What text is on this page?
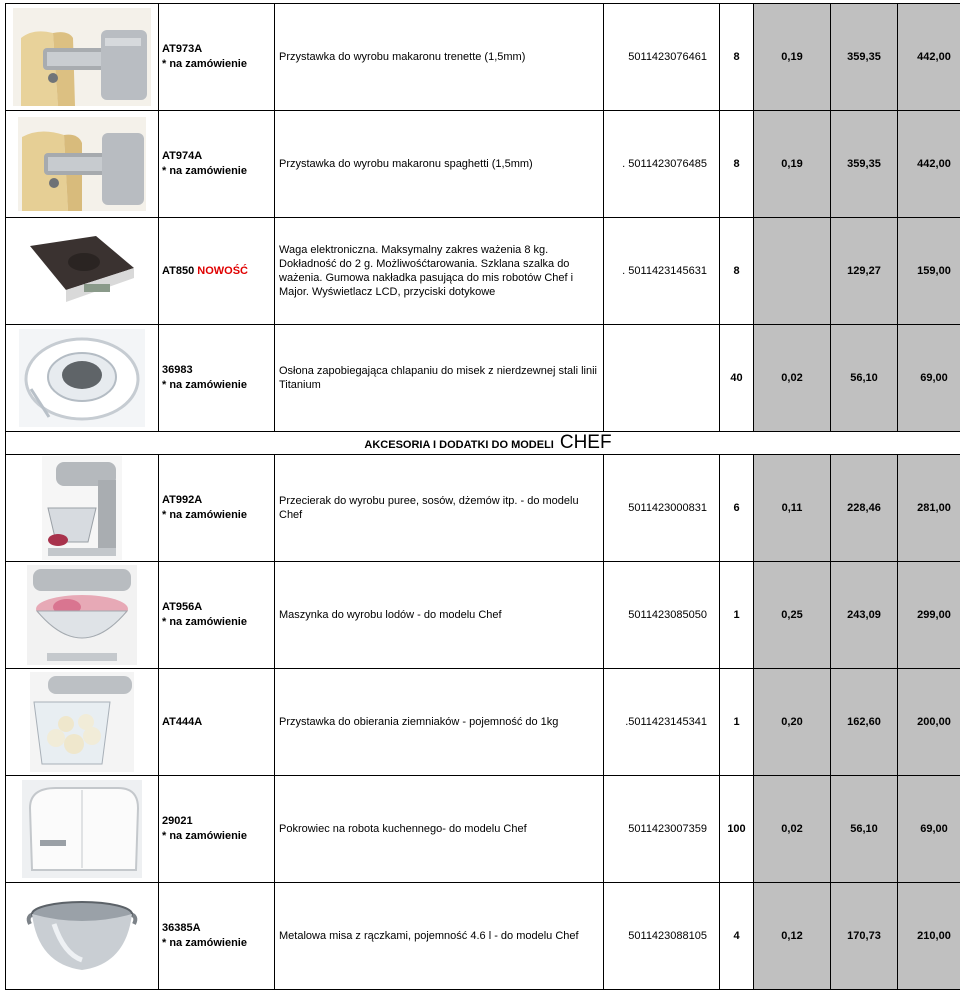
AT973A
* na zamówienie	Przystawka do wyrobu makaronu trenette (1,5mm)	5011423076461	8	0,19	359,35	442,00

AT974A
* na zamówienie	Przystawka do wyrobu makaronu spaghetti (1,5mm)	. 5011423076485	8	0,19	359,35	442,00

	AT850 NOWOŚĆ	Waga elektroniczna. Maksymalny zakres ważenia 8 kg. Dokładność do 2 g. Możliwośćtarowania. Szklana szalka do ważenia. Gumowa nakładka pasująca do mis robotów Chef i Major. Wyświetlacz LCD, przyciski dotykowe	. 5011423145631	8		129,27	159,00

36983
* na zamówienie	Osłona zapobiegająca chlapaniu do misek z nierdzewnej stali linii Titanium		40	0,02	56,10	69,00
AKCESORIA I DODATKI DO MODELI CHEF							

AT992A
* na zamówienie	Przecierak do wyrobu puree, sosów, dżemów itp. - do modelu Chef	5011423000831	6	0,11	228,46	281,00

AT956A
* na zamówienie	Maszynka do wyrobu lodów - do modelu Chef	5011423085050	1	0,25	243,09	299,00

AT444A	Przystawka do obierania ziemniaków - pojemność do 1kg	.5011423145341	1	0,20	162,60	200,00

29021
* na zamówienie	Pokrowiec na robota kuchennego- do modelu Chef	5011423007359	100	0,02	56,10	69,00

36385A
* na zamówienie	Metalowa misa z rączkami, pojemność 4.6 l - do modelu Chef	5011423088105	4	0,12	170,73	210,00
